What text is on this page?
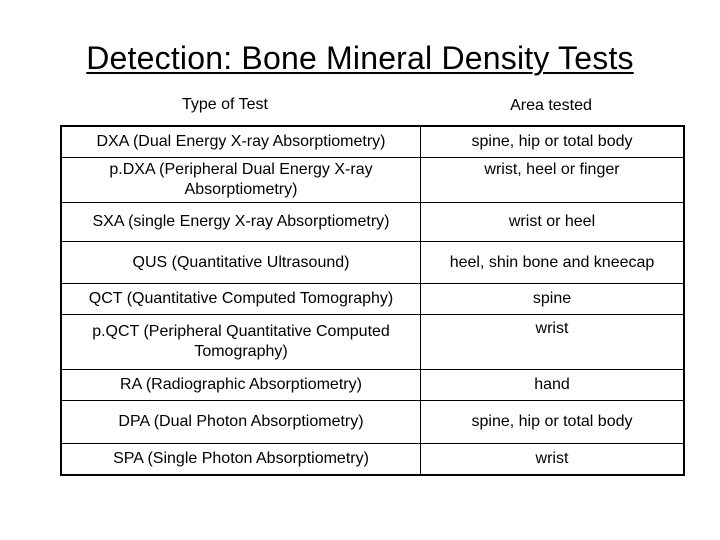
Detection: Bone Mineral Density Tests
Type of Test	Area tested
DXA (Dual Energy X-ray Absorptiometry)	spine, hip or total body
p.DXA (Peripheral Dual Energy X-ray Absorptiometry)	wrist, heel or finger
SXA (single Energy X-ray Absorptiometry)	wrist or heel
QUS (Quantitative Ultrasound)	heel, shin bone and kneecap
QCT (Quantitative Computed Tomography)	spine
p.QCT (Peripheral Quantitative Computed Tomography)	wrist
RA (Radiographic Absorptiometry)	hand
DPA (Dual Photon Absorptiometry)	spine, hip or total body
SPA (Single Photon Absorptiometry)	wrist
